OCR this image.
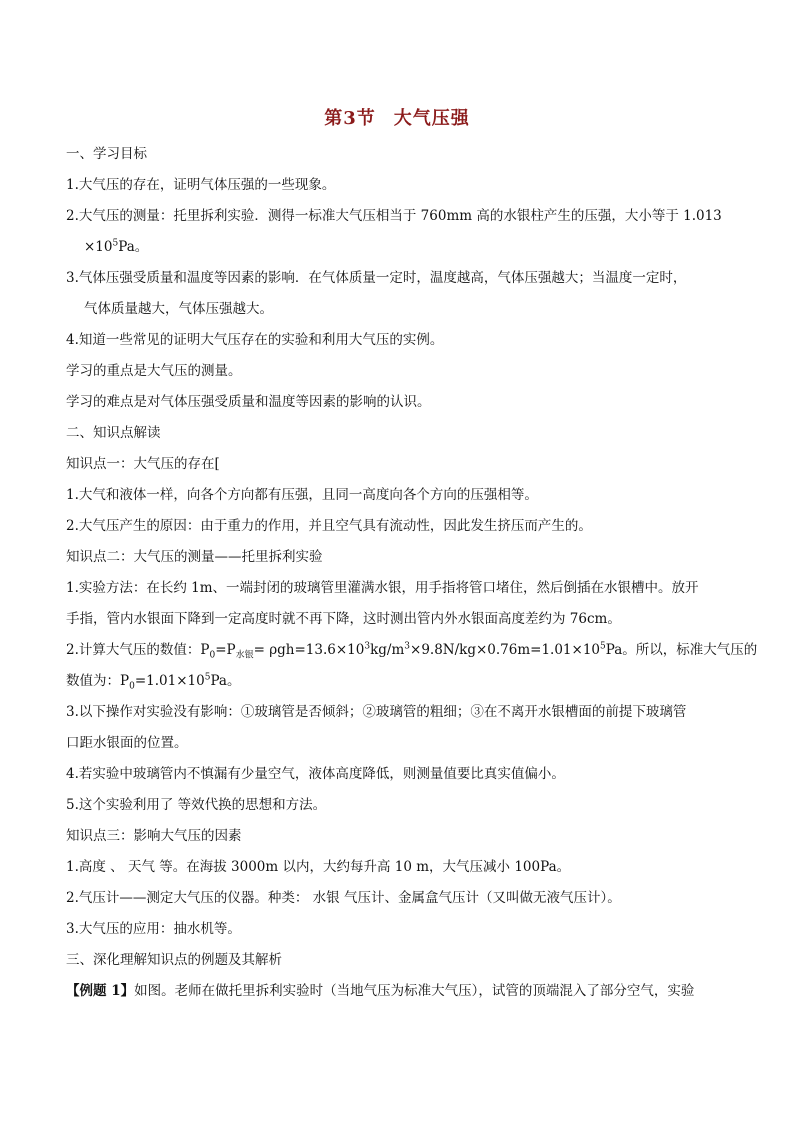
第3节 大气压强
一、学习目标
1.大气压的存在，证明气体压强的一些现象。
2.大气压的测量：托里拆利实验．测得一标准大气压相当于 760mm 高的水银柱产生的压强，大小等于 1.013
$\times 10^5Pa$。
3.气体压强受质量和温度等因素的影响．在气体质量一定时，温度越高，气体压强越大；当温度一定时，
气体质量越大，气体压强越大。
4.知道一些常见的证明大气压存在的实验和利用大气压的实例。
学习的重点是大气压的测量。
学习的难点是对气体压强受质量和温度等因素的影响的认识。
二、知识点解读
知识点一：大气压的存在[
1.大气和液体一样，向各个方向都有压强，且同一高度向各个方向的压强相等。
2.大气压产生的原因：由于重力的作用，并且空气具有流动性，因此发生挤压而产生的。
知识点二：大气压的测量——托里拆利实验
1.实验方法：在长约 1m、一端封闭的玻璃管里灌满水银，用手指将管口堵住，然后倒插在水银槽中。放开
手指，管内水银面下降到一定高度时就不再下降，这时测出管内外水银面高度差约为 76cm。
2.计算大气压的数值：$P_0=P_{水银}= \rho gh=13.6\times 10^3kg/m^3\times 9.8N/kg\times 0.76m=1.01\times 10^5Pa$。所以，标准大气压的
数值为：$P_0=1.01\times 10^5Pa$。
3.以下操作对实验没有影响：①玻璃管是否倾斜；②玻璃管的粗细；③在不离开水银槽面的前提下玻璃管
口距水银面的位置。
4.若实验中玻璃管内不慎漏有少量空气，液体高度降低，则测量值要比真实值偏小。
5.这个实验利用了 等效代换的思想和方法。
知识点三：影响大气压的因素
1.高度 、 天气 等。在海拔 3000m 以内，大约每升高 10 m，大气压减小 100Pa。
2.气压计——测定大气压的仪器。种类： 水银 气压计、金属盒气压计（又叫做无液气压计）。
3.大气压的应用：抽水机等。
三、深化理解知识点的例题及其解析
【例题 1】如图。老师在做托里拆利实验时（当地气压为标准大气压），试管的顶端混入了部分空气，实验
